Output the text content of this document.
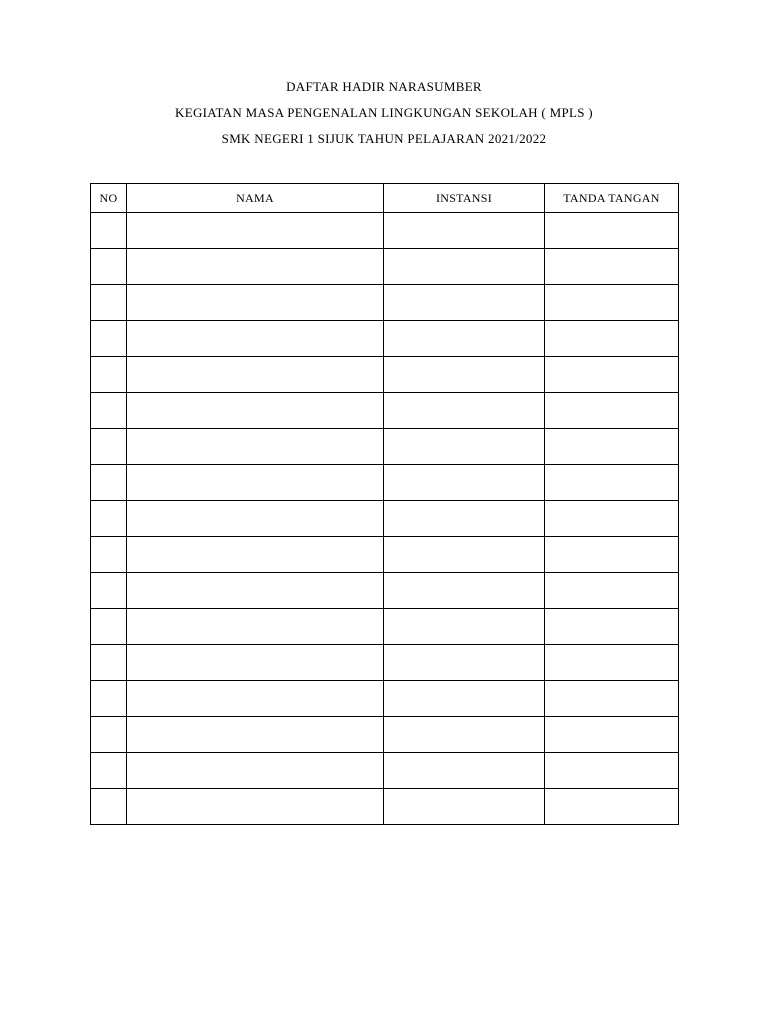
DAFTAR HADIR NARASUMBER
KEGIATAN MASA PENGENALAN LINGKUNGAN SEKOLAH ( MPLS )
SMK NEGERI 1 SIJUK TAHUN PELAJARAN 2021/2022
NO	NAMA	INSTANSI	TANDA TANGAN
